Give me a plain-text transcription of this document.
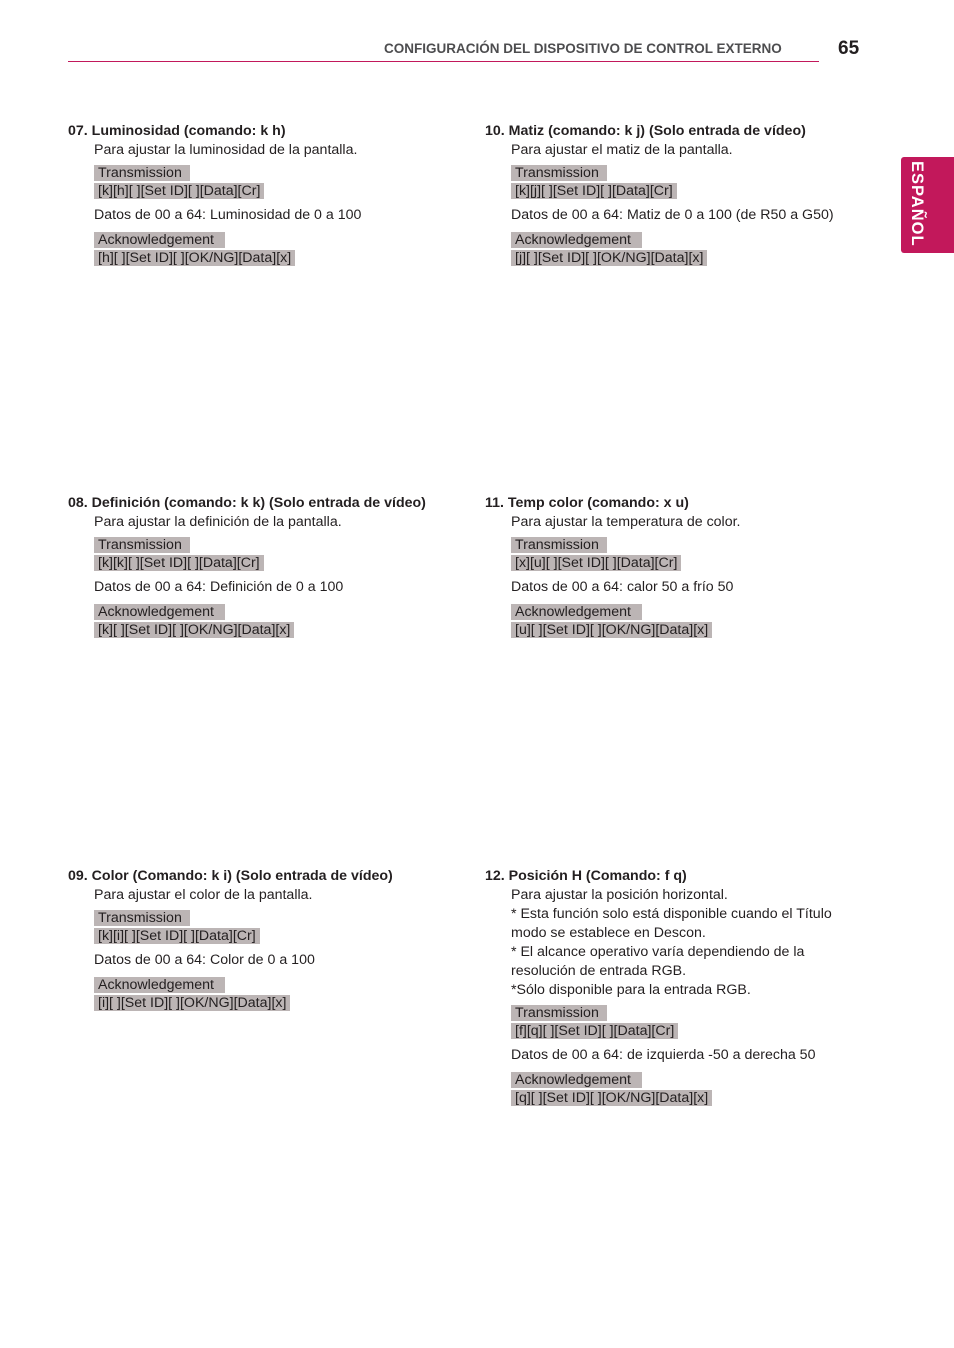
CONFIGURACIÓN DEL DISPOSITIVO DE CONTROL EXTERNO	65
ESPAÑOL
07. Luminosidad (comando: k h)
Para ajustar la luminosidad de la pantalla.
Transmission
[k][h][ ][Set ID][ ][Data][Cr]
Datos de 00 a 64: Luminosidad de 0 a 100
Acknowledgement
[h][ ][Set ID][ ][OK/NG][Data][x]
08. Definición (comando: k k) (Solo entrada de vídeo)
Para ajustar la definición de la pantalla.
Transmission
[k][k][ ][Set ID][ ][Data][Cr]
Datos de 00 a 64: Definición de 0 a 100
Acknowledgement
[k][ ][Set ID][ ][OK/NG][Data][x]
09. Color (Comando: k i) (Solo entrada de vídeo)
Para ajustar el color de la pantalla.
Transmission
[k][i][ ][Set ID][ ][Data][Cr]
Datos de 00 a 64: Color de 0 a 100
Acknowledgement
[i][ ][Set ID][ ][OK/NG][Data][x]
10. Matiz (comando: k j) (Solo entrada de vídeo)
Para ajustar el matiz de la pantalla.
Transmission
[k][j][ ][Set ID][ ][Data][Cr]
Datos de 00 a 64: Matiz de 0 a 100 (de R50 a G50)
Acknowledgement
[j][ ][Set ID][ ][OK/NG][Data][x]
11. Temp color (comando: x u)
Para ajustar la temperatura de color.
Transmission
[x][u][ ][Set ID][ ][Data][Cr]
Datos de 00 a 64: calor 50 a frío 50
Acknowledgement
[u][ ][Set ID][ ][OK/NG][Data][x]
12. Posición H (Comando: f q)
Para ajustar la posición horizontal.
* Esta función solo está disponible cuando el Título modo se establece en Descon.
* El alcance operativo varía dependiendo de la resolución de entrada RGB.
*Sólo disponible para la entrada RGB.
Transmission
[f][q][ ][Set ID][ ][Data][Cr]
Datos de 00 a 64: de izquierda -50 a derecha 50
Acknowledgement
[q][ ][Set ID][ ][OK/NG][Data][x]
